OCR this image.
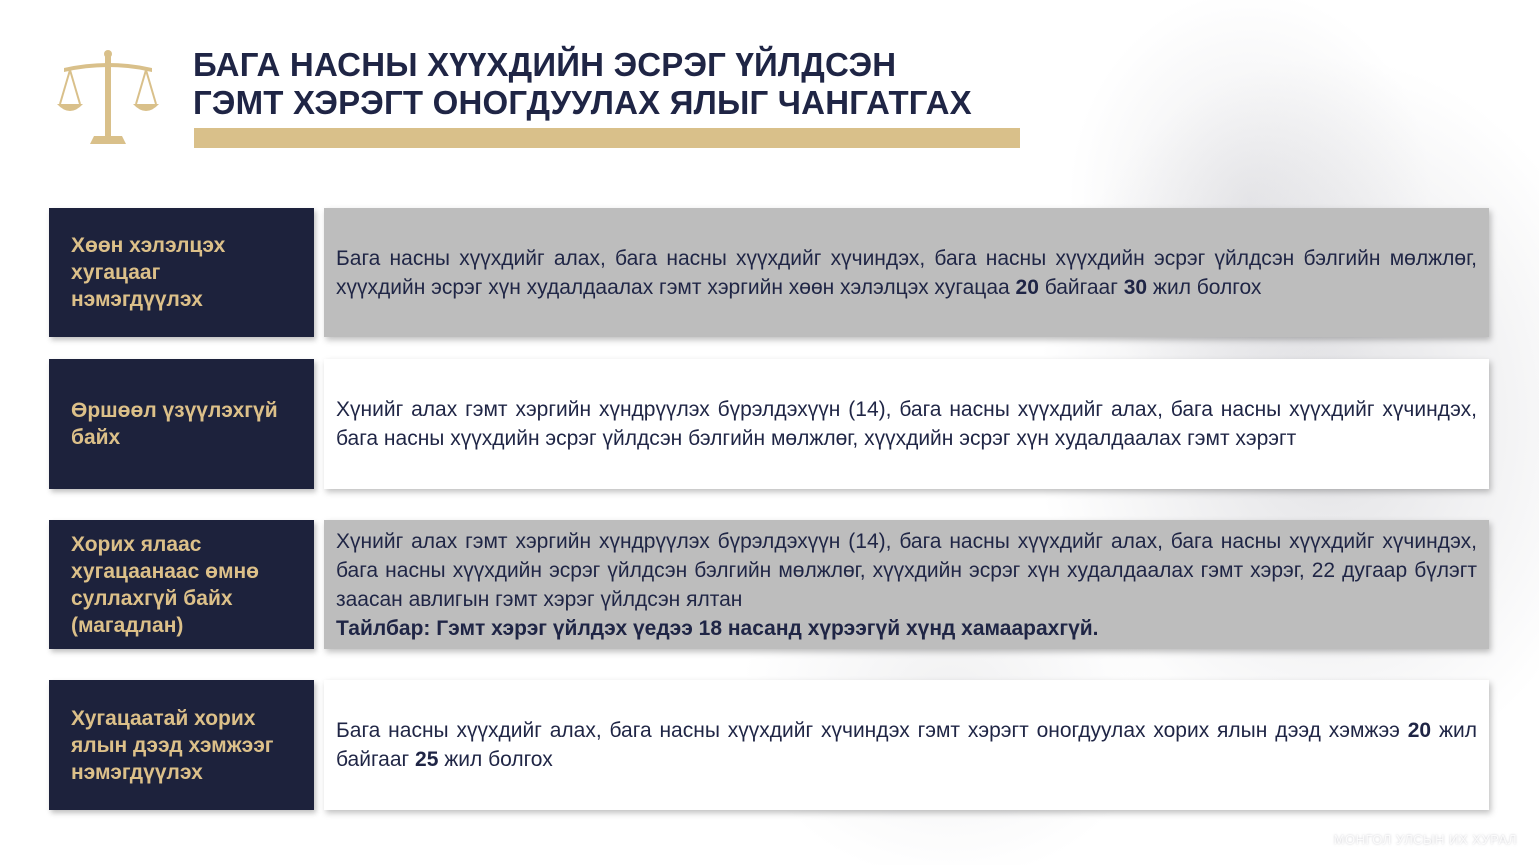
БАГА НАСНЫ ХҮҮХДИЙН ЭСРЭГ ҮЙЛДСЭН
ГЭМТ ХЭРЭГТ ОНОГДУУЛАХ ЯЛЫГ ЧАНГАТГАХ
Хөөн хэлэлцэх хугацааг нэмэгдүүлэх

Бага насны хүүхдийг алах, бага насны хүүхдийг хүчиндэх, бага насны хүүхдийн эсрэг үйлдсэн бэлгийн мөлжлөг, хүүхдийн эсрэг хүн худалдаалах гэмт хэргийн хөөн хэлэлцэх хугацаа 20 байгааг 30 жил болгох

Өршөөл үзүүлэхгүй байх

Хүнийг алах гэмт хэргийн хүндрүүлэх бүрэлдэхүүн (14), бага насны хүүхдийг алах, бага насны хүүхдийг хүчиндэх, бага насны хүүхдийн эсрэг үйлдсэн бэлгийн мөлжлөг, хүүхдийн эсрэг хүн худалдаалах гэмт хэрэгт

Хорих ялаас хугацаанаас өмнө суллахгүй байх (магадлан)

Хүнийг алах гэмт хэргийн хүндрүүлэх бүрэлдэхүүн (14), бага насны хүүхдийг алах, бага насны хүүхдийг хүчиндэх, бага насны хүүхдийн эсрэг үйлдсэн бэлгийн мөлжлөг, хүүхдийн эсрэг хүн худалдаалах гэмт хэрэг, 22 дугаар бүлэгт заасан авлигын гэмт хэрэг үйлдсэн ялтан
Тайлбар: Гэмт хэрэг үйлдэх үедээ 18 насанд хүрээгүй хүнд хамаарахгүй.

Хугацаатай хорих ялын дээд хэмжээг нэмэгдүүлэх

Бага насны хүүхдийг алах, бага насны хүүхдийг хүчиндэх гэмт хэрэгт оногдуулах хорих ялын дээд хэмжээ 20 жил байгааг 25 жил болгох

МОНГОЛ УЛСЫН ИХ ХУРАЛ
